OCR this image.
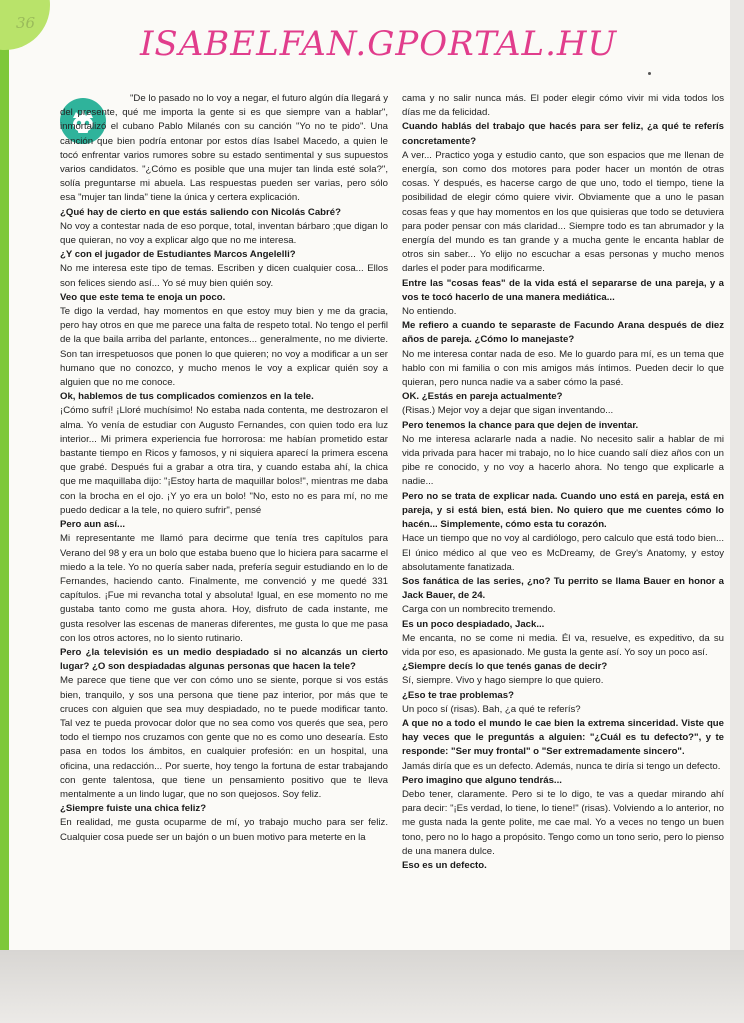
36
ISABELFAN.GPORTAL.HU

"De lo pasado no lo voy a negar, el futuro algún día llegará y del presente, qué me importa la gente si es que siempre van a hablar", inmortalizó el cubano Pablo Milanés con su canción "Yo no te pido". Una canción que bien podría entonar por estos días Isabel Macedo, a quien le tocó enfrentar varios rumores sobre su estado sentimental y sus supuestos varios candidatos. "¿Cómo es posible que una mujer tan linda esté sola?", solía preguntarse mi abuela. Las respuestas pueden ser varias, pero sólo esa "mujer tan linda" tiene la única y certera explicación.

¿Qué hay de cierto en que estás saliendo con Nicolás Cabré?

No voy a contestar nada de eso porque, total, inventan bárbaro ;que digan lo que quieran, no voy a explicar algo que no me interesa.

¿Y con el jugador de Estudiantes Marcos Angelelli?

No me interesa este tipo de temas. Escriben y dicen cualquier cosa... Ellos son felices siendo así... Yo sé muy bien quién soy.

Veo que este tema te enoja un poco.

Te digo la verdad, hay momentos en que estoy muy bien y me da gracia, pero hay otros en que me parece una falta de respeto total. No tengo el perfil de la que baila arriba del parlante, entonces... generalmente, no me divierte. Son tan irrespetuosos que ponen lo que quieren; no voy a modificar a un ser humano que no conozco, y mucho menos le voy a explicar quién soy a alguien que no me conoce.

Ok, hablemos de tus complicados comienzos en la tele.

¡Cómo sufrí! ¡Lloré muchísimo! No estaba nada contenta, me destrozaron el alma. Yo venía de estudiar con Augusto Fernandes, con quien todo era luz interior... Mi primera experiencia fue horrorosa: me habían prometido estar bastante tiempo en Ricos y famosos, y ni siquiera aparecí la primera escena que grabé. Después fui a grabar a otra tira, y cuando estaba ahí, la chica que me maquillaba dijo: "¡Estoy harta de maquillar bolos!", mientras me daba con la brocha en el ojo. ¡Y yo era un bolo! "No, esto no es para mí, no me puedo dedicar a la tele, no quiero sufrir", pensé

Pero aun así...

Mi representante me llamó para decirme que tenía tres capítulos para Verano del 98 y era un bolo que estaba bueno que lo hiciera para sacarme el miedo a la tele. Yo no quería saber nada, prefería seguir estudiando en lo de Fernandes, haciendo canto. Finalmente, me convenció y me quedé 331 capítulos. ¡Fue mi revancha total y absoluta! Igual, en ese momento no me gustaba tanto como me gusta ahora. Hoy, disfruto de cada instante, me gusta resolver las escenas de maneras diferentes, me gusta lo que me pasa con los otros actores, no lo siento rutinario.

Pero ¿la televisión es un medio despiadado si no alcanzás un cierto lugar? ¿O son despiadadas algunas personas que hacen la tele?

Me parece que tiene que ver con cómo uno se siente, porque si vos estás bien, tranquilo, y sos una persona que tiene paz interior, por más que te cruces con alguien que sea muy despiadado, no te puede modificar tanto. Tal vez te pueda provocar dolor que no sea como vos querés que sea, pero todo el tiempo nos cruzamos con gente que no es como uno desearía. Esto pasa en todos los ámbitos, en cualquier profesión: en un hospital, una oficina, una redacción... Por suerte, hoy tengo la fortuna de estar trabajando con gente talentosa, que tiene un pensamiento positivo que te lleva mentalmente a un lindo lugar, que no son quejosos. Soy feliz.

¿Siempre fuiste una chica feliz?

En realidad, me gusta ocuparme de mí, yo trabajo mucho para ser feliz. Cualquier cosa puede ser un bajón o un buen motivo para meterte en la

cama y no salir nunca más. El poder elegir cómo vivir mi vida todos los días me da felicidad.

Cuando hablás del trabajo que hacés para ser feliz, ¿a qué te referís concretamente?

A ver... Practico yoga y estudio canto, que son espacios que me llenan de energía, son como dos motores para poder hacer un montón de otras cosas. Y después, es hacerse cargo de que uno, todo el tiempo, tiene la posibilidad de elegir cómo quiere vivir. Obviamente que a uno le pasan cosas feas y que hay momentos en los que quisieras que todo se detuviera para poder pensar con más claridad... Siempre todo es tan abrumador y la energía del mundo es tan grande y a mucha gente le encanta hablar de otros sin saber... Yo elijo no escuchar a esas personas y mucho menos darles el poder para modificarme.

Entre las "cosas feas" de la vida está el separarse de una pareja, y a vos te tocó hacerlo de una manera mediática...

No entiendo.

Me refiero a cuando te separaste de Facundo Arana después de diez años de pareja. ¿Cómo lo manejaste?

No me interesa contar nada de eso. Me lo guardo para mí, es un tema que hablo con mi familia o con mis amigos más íntimos. Pueden decir lo que quieran, pero nunca nadie va a saber cómo la pasé.

OK. ¿Estás en pareja actualmente?

(Risas.) Mejor voy a dejar que sigan inventando...

Pero tenemos la chance para que dejen de inventar.

No me interesa aclararle nada a nadie. No necesito salir a hablar de mi vida privada para hacer mi trabajo, no lo hice cuando salí diez años con un pibe re conocido, y no voy a hacerlo ahora. No tengo que explicarle a nadie...

Pero no se trata de explicar nada. Cuando uno está en pareja, está en pareja, y si está bien, está bien. No quiero que me cuentes cómo lo hacén... Simplemente, cómo esta tu corazón.

Hace un tiempo que no voy al cardiólogo, pero calculo que está todo bien... El único médico al que veo es McDreamy, de Grey's Anatomy, y estoy absolutamente fanatizada.

Sos fanática de las series, ¿no? Tu perrito se llama Bauer en honor a Jack Bauer, de 24.

Carga con un nombrecito tremendo.

Es un poco despiadado, Jack...

Me encanta, no se come ni media. Él va, resuelve, es expeditivo, da su vida por eso, es apasionado. Me gusta la gente así. Yo soy un poco así.

¿Siempre decís lo que tenés ganas de decir?

Sí, siempre. Vivo y hago siempre lo que quiero.

¿Eso te trae problemas?

Un poco sí (risas). Bah, ¿a qué te referís?

A que no a todo el mundo le cae bien la extrema sinceridad. Viste que hay veces que le preguntás a alguien: "¿Cuál es tu defecto?", y te responde: "Ser muy frontal" o "Ser extremadamente sincero".

Jamás diría que es un defecto. Además, nunca te diría si tengo un defecto.

Pero imagino que alguno tendrás...

Debo tener, claramente. Pero si te lo digo, te vas a quedar mirando ahí para decir: "¡Es verdad, lo tiene, lo tiene!" (risas). Volviendo a lo anterior, no me gusta nada la gente polite, me cae mal. Yo a veces no tengo un buen tono, pero no lo hago a propósito. Tengo como un tono serio, pero lo pienso de una manera dulce.

Eso es un defecto.
